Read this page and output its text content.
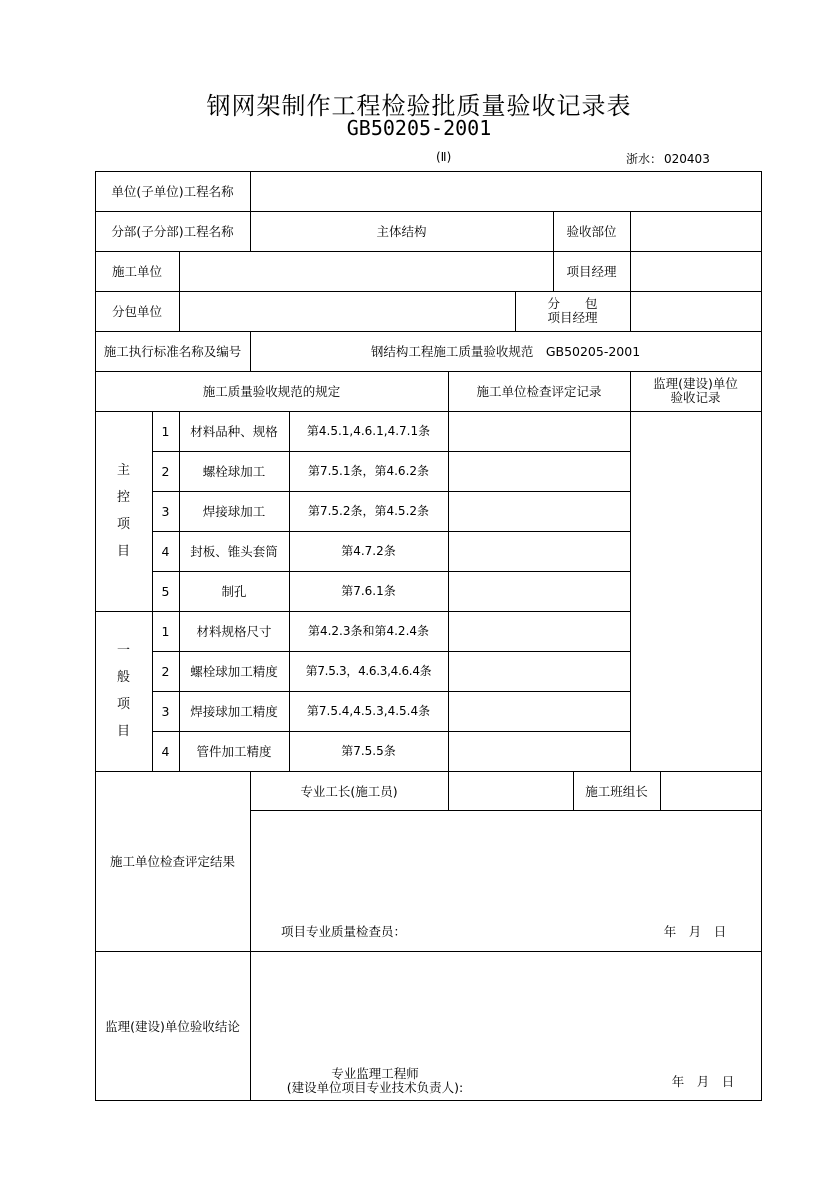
钢网架制作工程检验批质量验收记录表
GB50205-2001
(Ⅱ)	浙水： 020403
单位(子单位)工程名称
分部(子分部)工程名称	主体结构	验收部位
施工单位	项目经理
分包单位	分　　包
项目经理
施工执行标准名称及编号	钢结构工程施工质量验收规范　GB50205-2001
施工质量验收规范的规定	施工单位检查评定记录	监理(建设)单位
验收记录
主
控
项
目
1	材料品种、规格	第4.5.1,4.6.1,4.7.1条
2	螺栓球加工	第7.5.1条，第4.6.2条
3	焊接球加工	第7.5.2条，第4.5.2条
4	封板、锥头套筒	第4.7.2条
5	制孔	第7.6.1条
一
般
项
目
1	材料规格尺寸	第4.2.3条和第4.2.4条
2	螺栓球加工精度	第7.5.3，4.6.3,4.6.4条
3	焊接球加工精度	第7.5.4,4.5.3,4.5.4条
4	管件加工精度	第7.5.5条
施工单位检查评定结果
专业工长(施工员)	施工班组长
项目专业质量检查员：	年　月　日
监理(建设)单位验收结论
专业监理工程师
(建设单位项目专业技术负责人):	年　月　日
